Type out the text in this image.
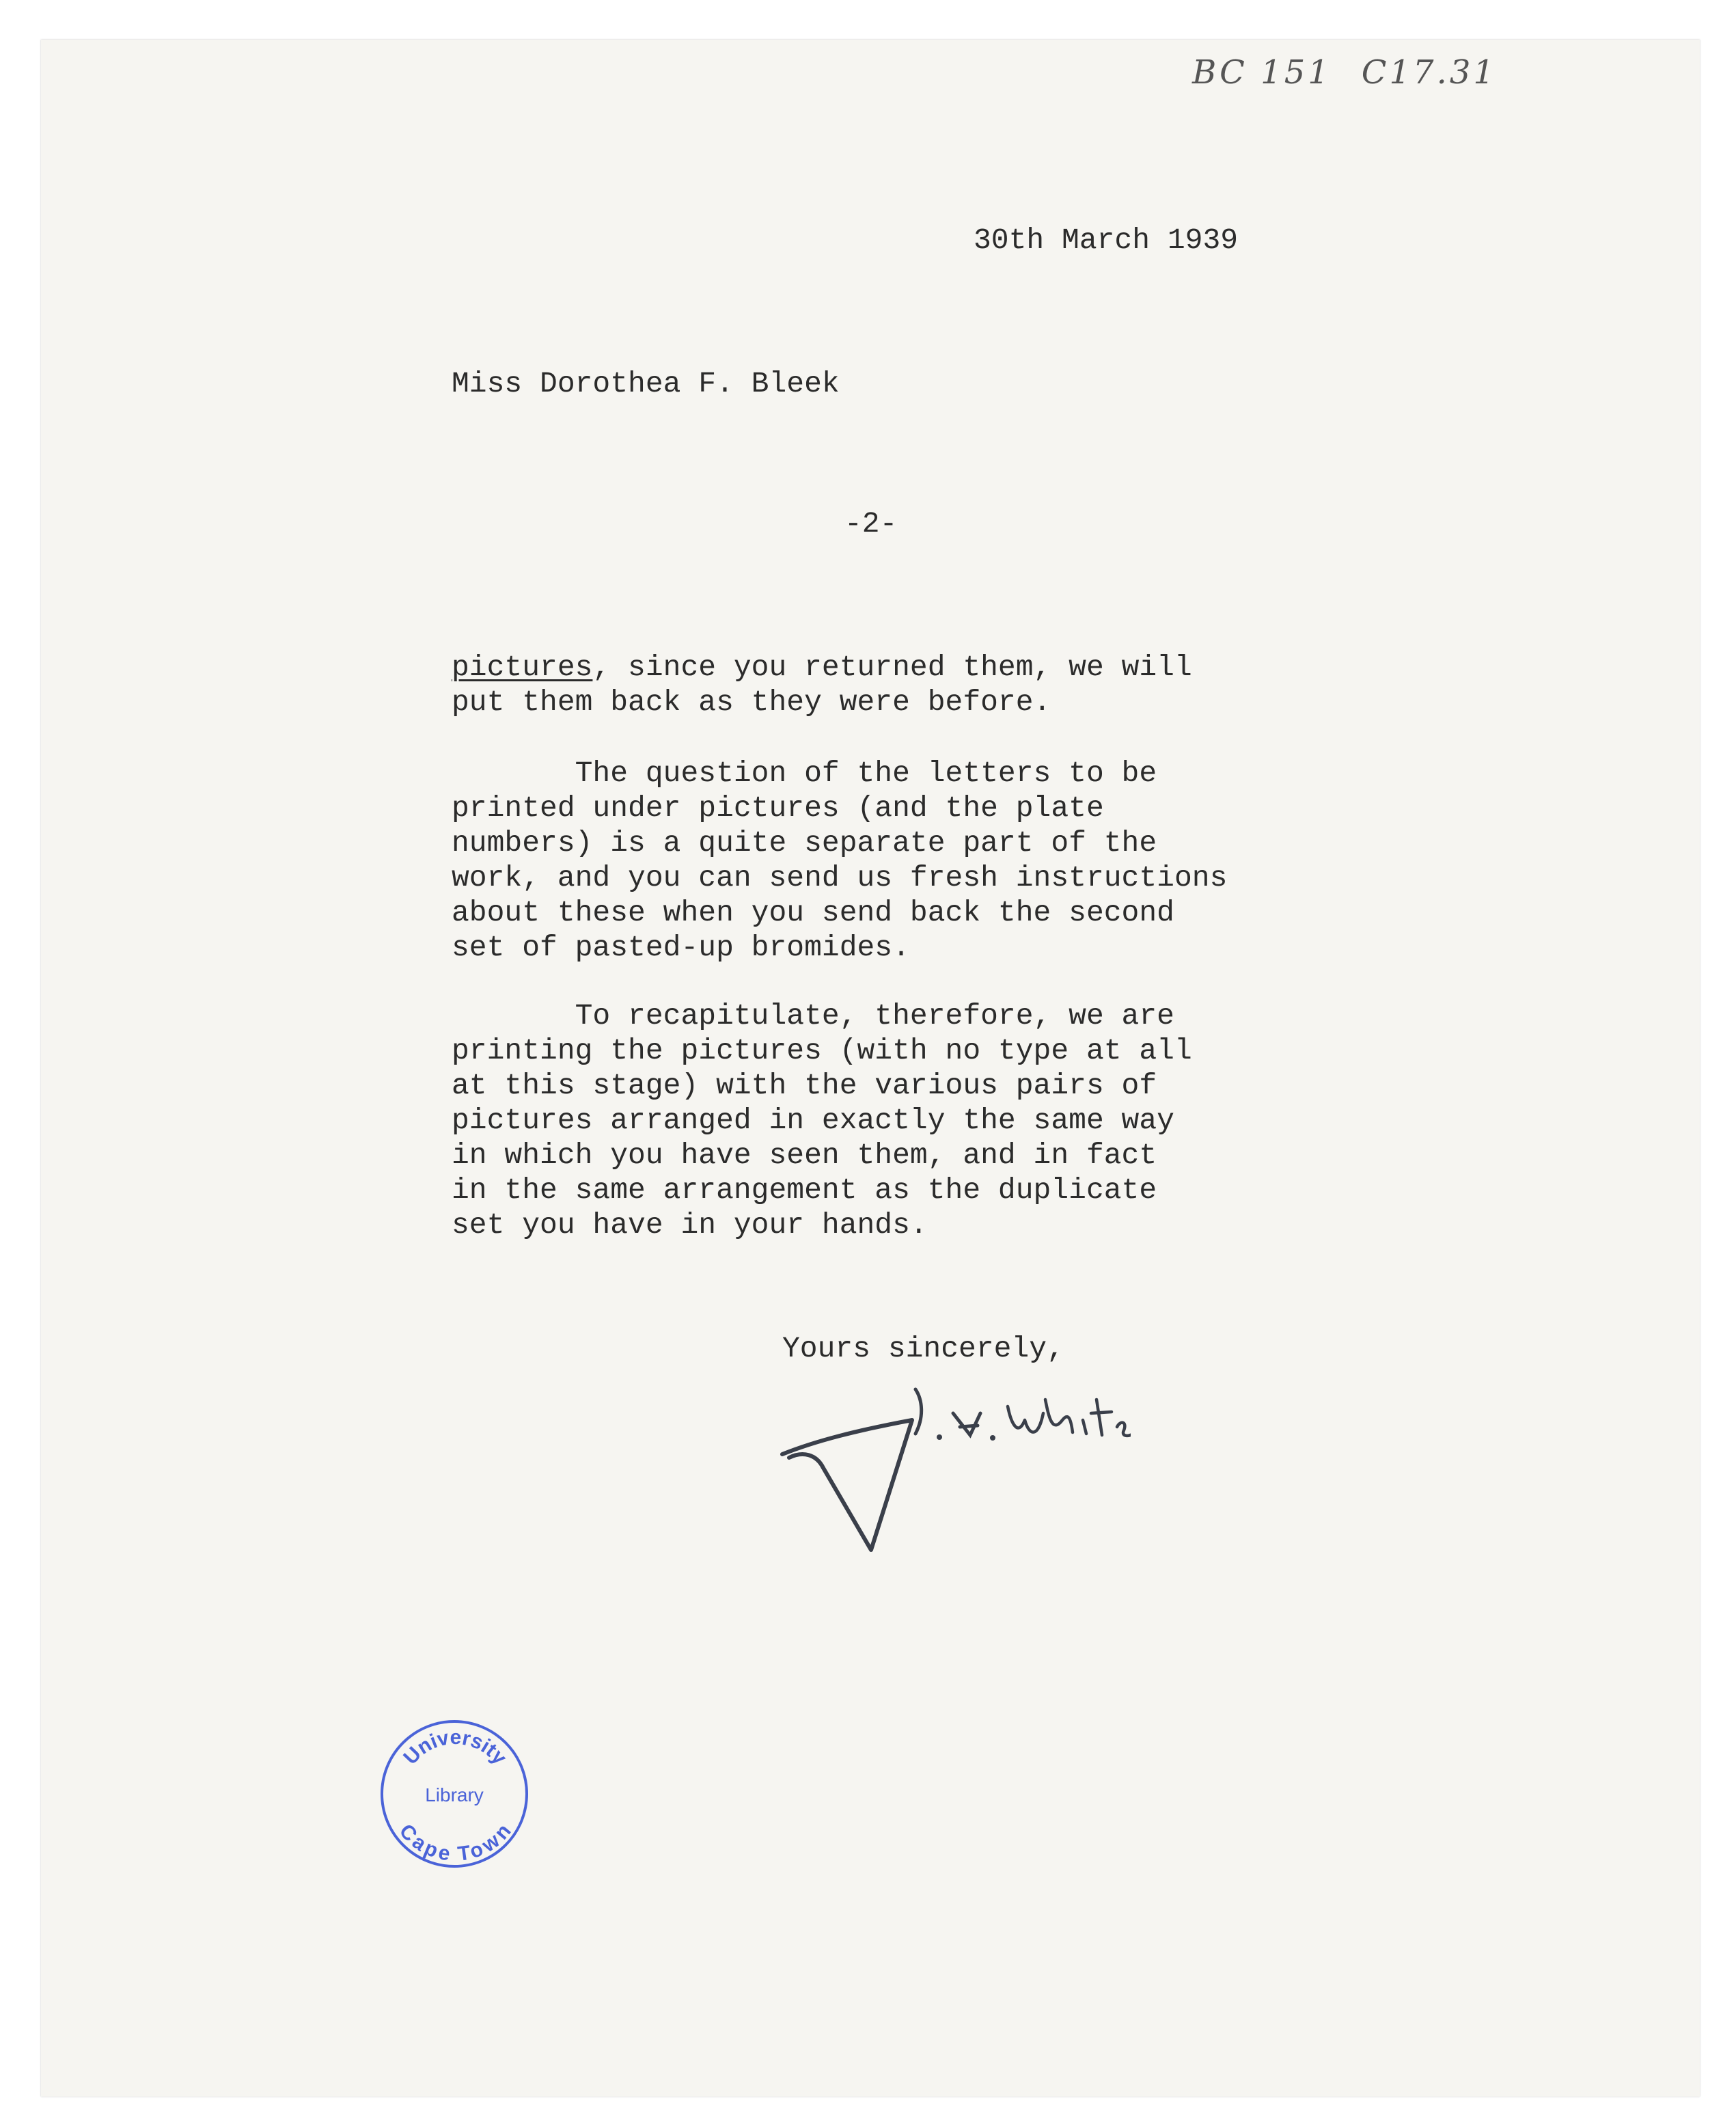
BC 151 C17.31

30th March 1939

Miss Dorothea F. Bleek

-2-

pictures, since you returned them, we will
put them back as they were before.
The question of the letters to be
printed under pictures (and the plate
numbers) is a quite separate part of the
work, and you can send us fresh instructions
about these when you send back the second
set of pasted-up bromides.
To recapitulate, therefore, we are
printing the pictures (with no type at all
at this stage) with the various pairs of
pictures arranged in exactly the same way
in which you have seen them, and in fact
in the same arrangement as the duplicate
set you have in your hands.

Yours sincerely,

University
Library
Cape Town
